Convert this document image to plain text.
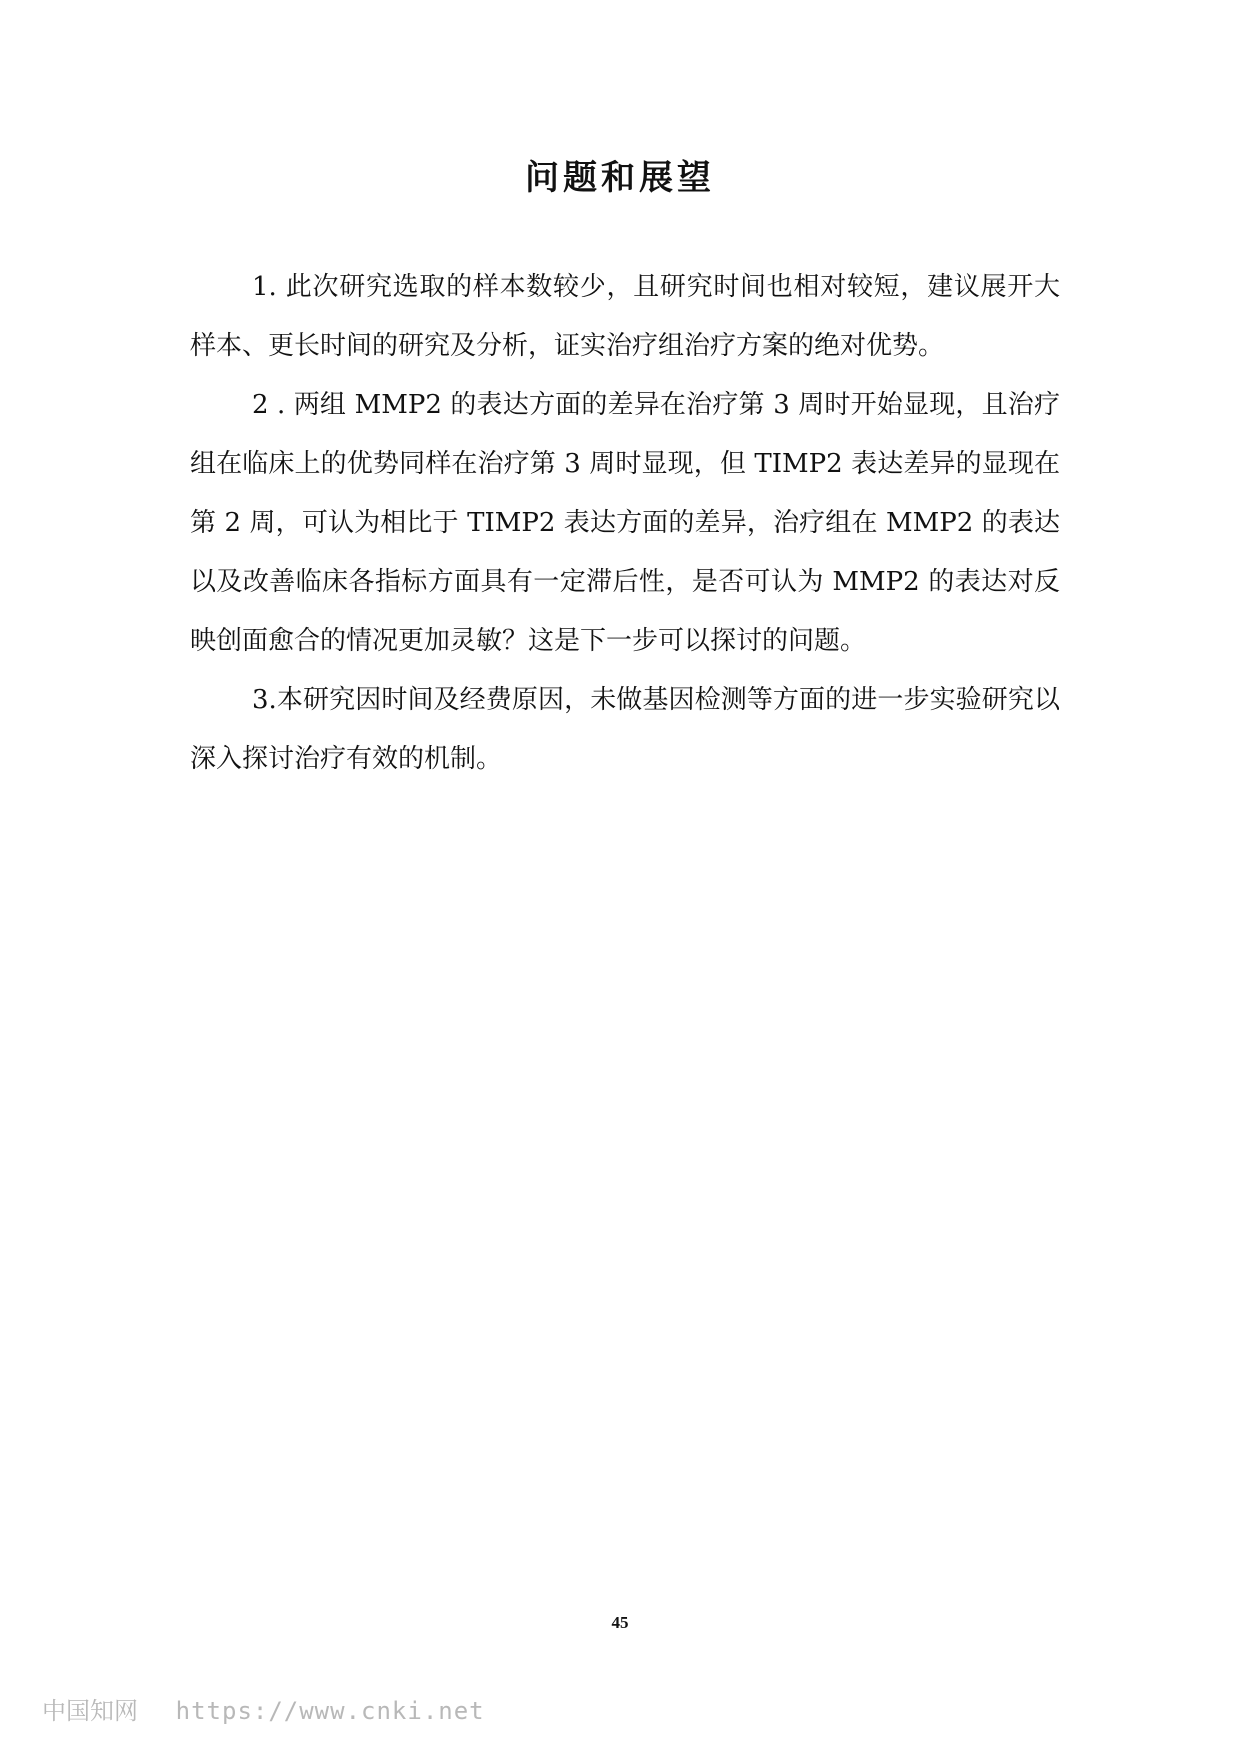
问题和展望

1. 此次研究选取的样本数较少，且研究时间也相对较短，建议展开大样本、更长时间的研究及分析，证实治疗组治疗方案的绝对优势。

2 . 两组 MMP2 的表达方面的差异在治疗第 3 周时开始显现，且治疗组在临床上的优势同样在治疗第 3 周时显现，但 TIMP2 表达差异的显现在第 2 周，可认为相比于 TIMP2 表达方面的差异，治疗组在 MMP2 的表达以及改善临床各指标方面具有一定滞后性，是否可认为 MMP2 的表达对反映创面愈合的情况更加灵敏？这是下一步可以探讨的问题。

3.本研究因时间及经费原因，未做基因检测等方面的进一步实验研究以深入探讨治疗有效的机制。

45
中国知网 https://www.cnki.net
